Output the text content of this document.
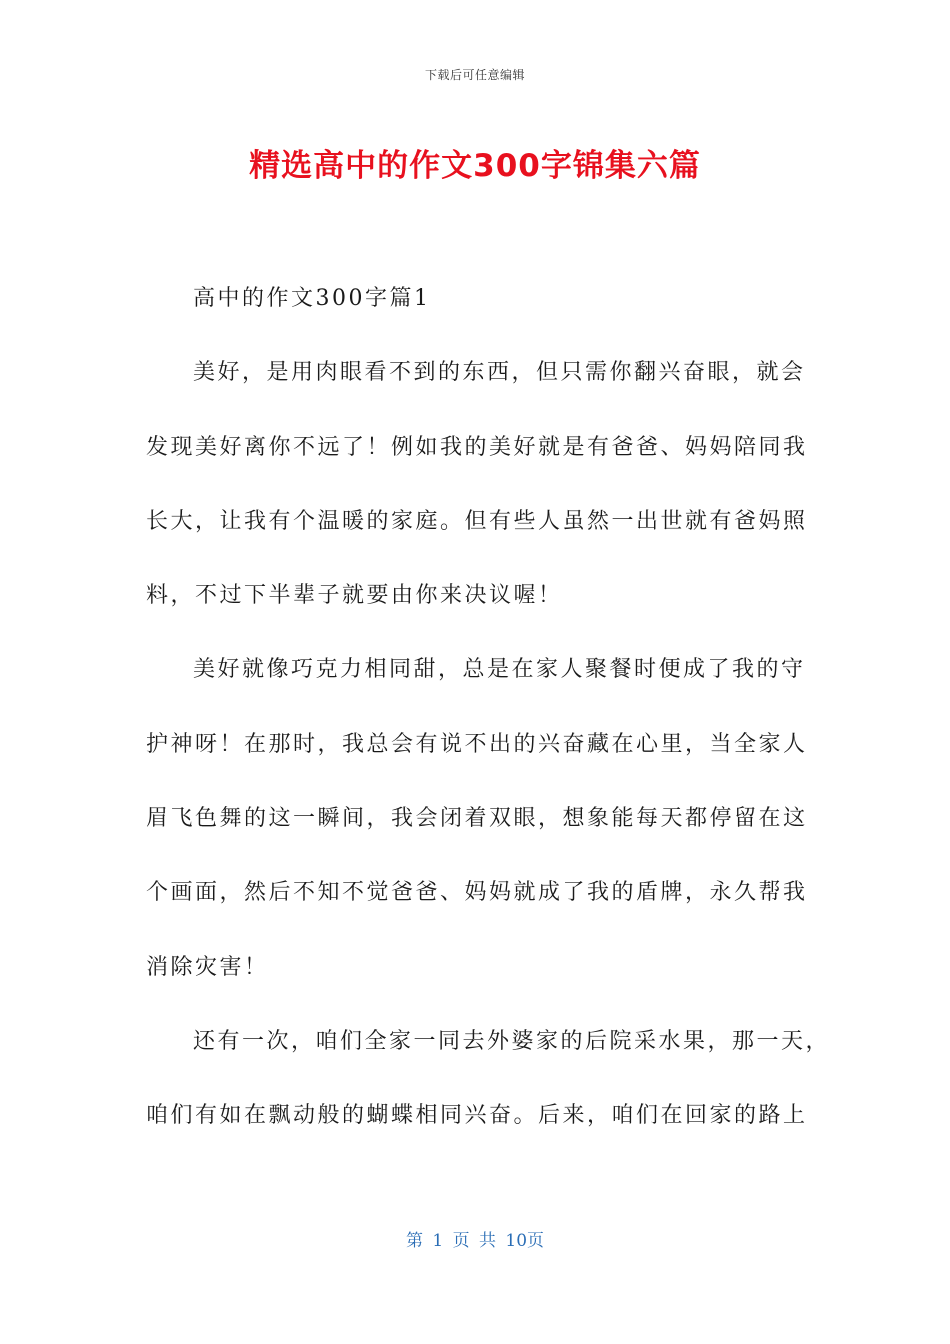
下载后可任意编辑
精选高中的作文300字锦集六篇
高中的作文300字篇1
美好，是用肉眼看不到的东西，但只需你翻兴奋眼，就会
发现美好离你不远了！例如我的美好就是有爸爸、妈妈陪同我
长大，让我有个温暖的家庭。但有些人虽然一出世就有爸妈照
料，不过下半辈子就要由你来决议喔！
美好就像巧克力相同甜，总是在家人聚餐时便成了我的守
护神呀！在那时，我总会有说不出的兴奋藏在心里，当全家人
眉飞色舞的这一瞬间，我会闭着双眼，想象能每天都停留在这
个画面，然后不知不觉爸爸、妈妈就成了我的盾牌，永久帮我
消除灾害！
还有一次，咱们全家一同去外婆家的后院采水果，那一天，
咱们有如在飘动般的蝴蝶相同兴奋。后来，咱们在回家的路上
第 1 页 共 10页
